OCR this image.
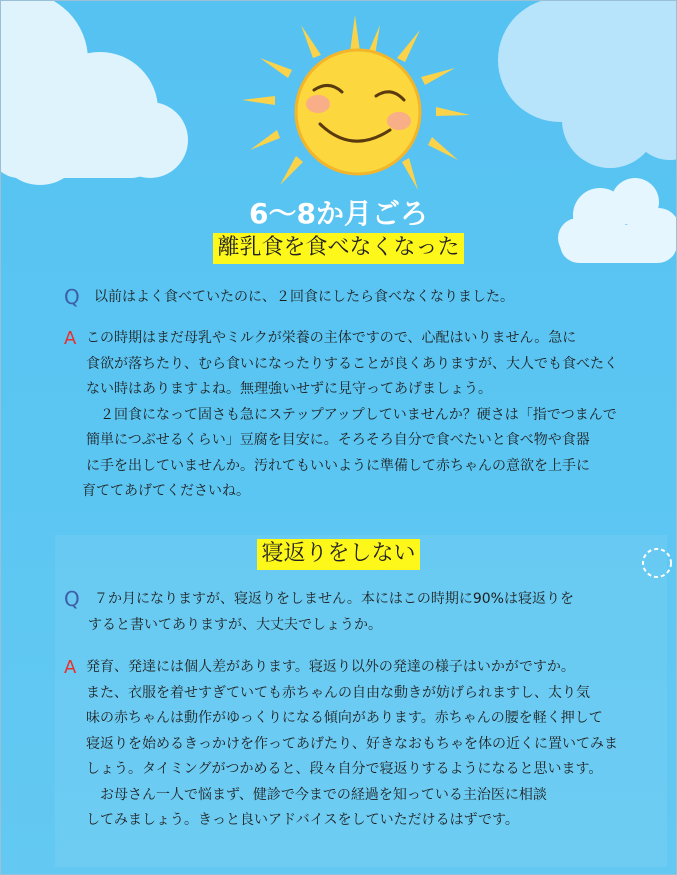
6〜8か月ごろ
離乳食を食べなくなった
Q 以前はよく食べていたのに、２回食にしたら食べなくなりました。

A この時期はまだ母乳やミルクが栄養の主体ですので、心配はいりません。急に
食欲が落ちたり、むら食いになったりすることが良くありますが、大人でも食べたく
ない時はありますよね。無理強いせずに見守ってあげましょう。
２回食になって固さも急にステップアップしていませんか？硬さは「指でつまんで
簡単につぶせるくらい」豆腐を目安に。そろそろ自分で食べたいと食べ物や食器
に手を出していませんか。汚れてもいいように準備して赤ちゃんの意欲を上手に
育ててあげてくださいね。

寝返りをしない
Q ７か月になりますが、寝返りをしません。本にはこの時期に90%は寝返りを
すると書いてありますが、大丈夫でしょうか。

A 発育、発達には個人差があります。寝返り以外の発達の様子はいかがですか。
また、衣服を着せすぎていても赤ちゃんの自由な動きが妨げられますし、太り気
味の赤ちゃんは動作がゆっくりになる傾向があります。赤ちゃんの腰を軽く押して
寝返りを始めるきっかけを作ってあげたり、好きなおもちゃを体の近くに置いてみま
しょう。タイミングがつかめると、段々自分で寝返りするようになると思います。
お母さん一人で悩まず、健診で今までの経過を知っている主治医に相談
してみましょう。きっと良いアドバイスをしていただけるはずです。
